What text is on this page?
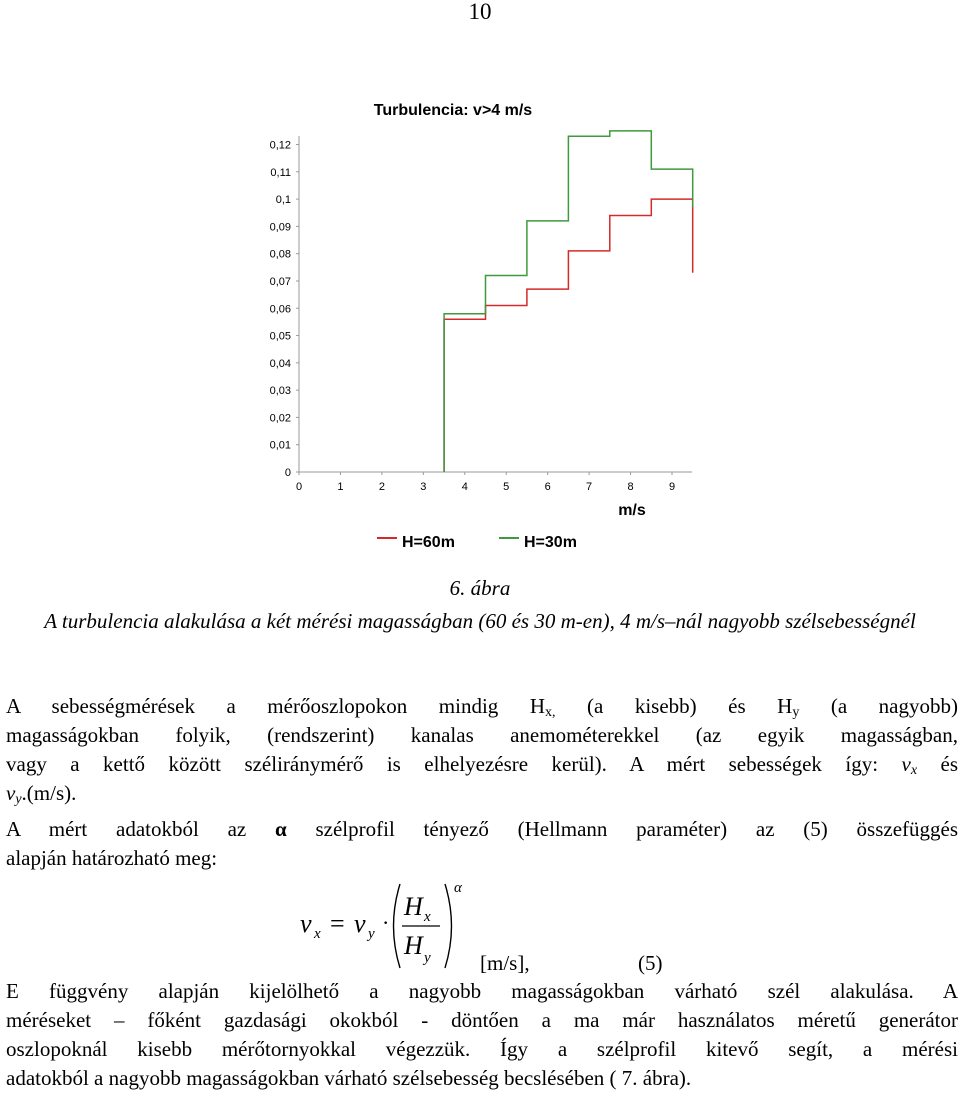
10
Turbulencia: v>4 m/s
0
0,01
0,02
0,03
0,04
0,05
0,06
0,07
0,08
0,09
0,1
0,11
0,12
0	1	2	3	4	5	6	7	8	9
m/s
H=60m	H=30m
6. ábra
A turbulencia alakulása a két mérési magasságban (60 és 30 m-en), 4 m/s–nál nagyobb szélsebességnél
A sebességmérések a mérőoszlopokon mindig $H_{x,}$ (a kisebb) és $H_y$ (a nagyobb)
magasságokban folyik, (rendszerint) kanalas anemométerekkel (az egyik magasságban,
vagy a kettő között széliránymérő is elhelyezésre kerül). A mért sebességek így: $v_x$ és
$v_y.(m/s)$.
A mért adatokból az α szélprofil tényező (Hellmann paraméter) az (5) összefüggés
alapján határozható meg:
v x = v y ·
H x
H y
α
[m/s],	(5)
E függvény alapján kijelölhető a nagyobb magasságokban várható szél alakulása. A
méréseket – főként gazdasági okokból - döntően a ma már használatos méretű generátor
oszlopoknál kisebb mérőtornyokkal végezzük. Így a szélprofil kitevő segít, a mérési
adatokból a nagyobb magasságokban várható szélsebesség becslésében ( 7. ábra).
